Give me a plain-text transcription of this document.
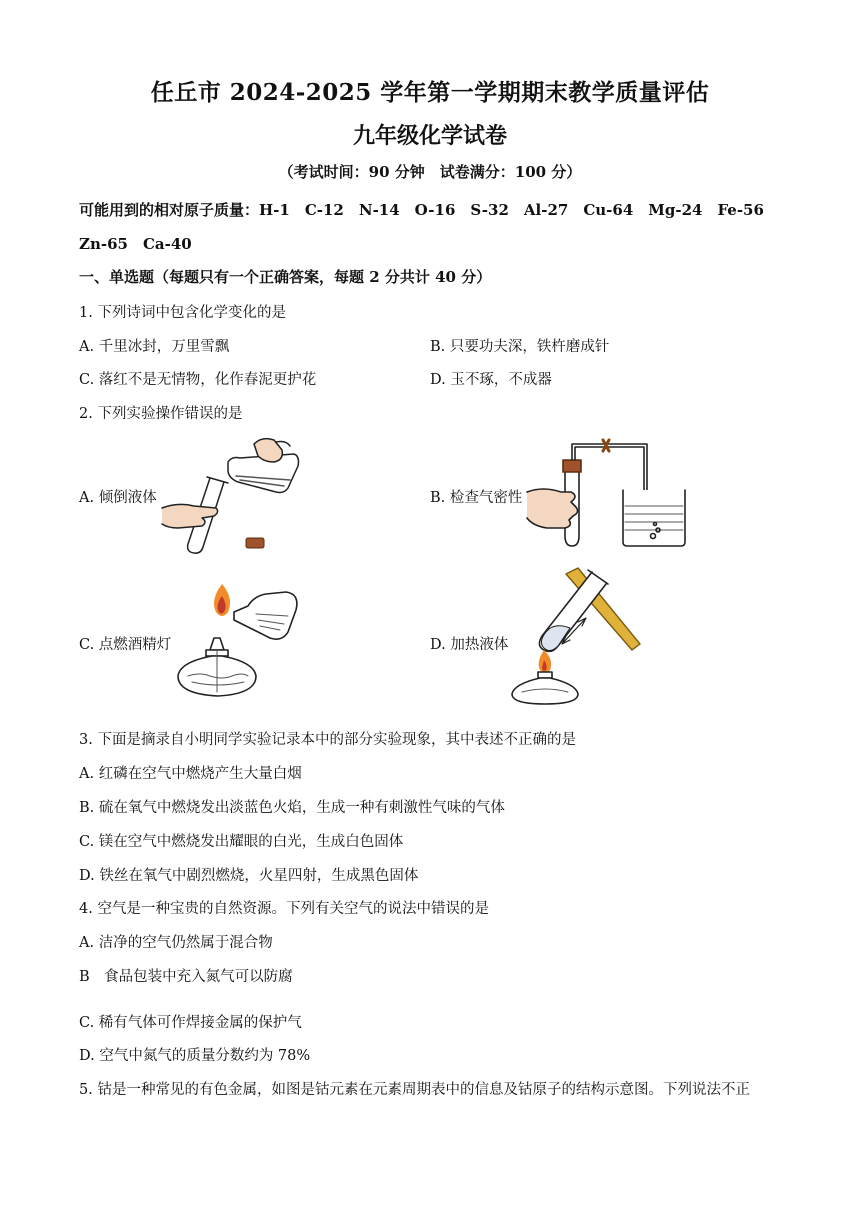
任丘市 2024-2025 学年第一学期期末教学质量评估
九年级化学试卷
（考试时间：90 分钟　试卷满分：100 分）
可能用到的相对原子质量：H-1　C-12　N-14　O-16　S-32　Al-27　Cu-64　Mg-24　Fe-56
Zn-65　Ca-40
一、单选题（每题只有一个正确答案，每题 2 分共计 40 分）
1. 下列诗词中包含化学变化的是
A. 千里冰封，万里雪飘	B. 只要功夫深，铁杵磨成针
C. 落红不是无情物，化作春泥更护花	D. 玉不琢，不成器
2. 下列实验操作错误的是
A. 倾倒液体	B. 检查气密性
C. 点燃酒精灯	D. 加热液体
3. 下面是摘录自小明同学实验记录本中的部分实验现象，其中表述不正确的是
A. 红磷在空气中燃烧产生大量白烟
B. 硫在氧气中燃烧发出淡蓝色火焰，生成一种有刺激性气味的气体
C. 镁在空气中燃烧发出耀眼的白光，生成白色固体
D. 铁丝在氧气中剧烈燃烧，火星四射，生成黑色固体
4. 空气是一种宝贵的自然资源。下列有关空气的说法中错误的是
A. 洁净的空气仍然属于混合物
B　食品包装中充入氮气可以防腐
C. 稀有气体可作焊接金属的保护气
D. 空气中氮气的质量分数约为 78%
5. 钴是一种常见的有色金属，如图是钴元素在元素周期表中的信息及钴原子的结构示意图。下列说法不正
